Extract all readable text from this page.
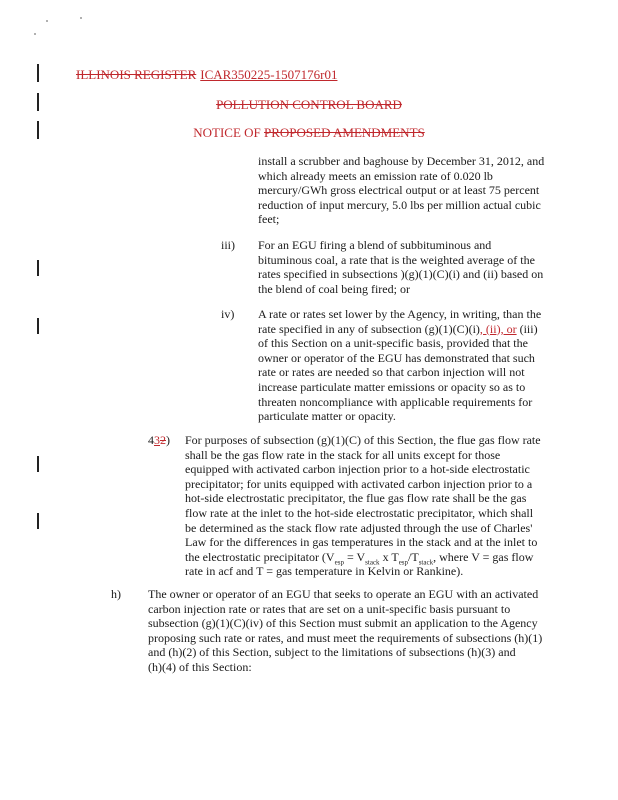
ILLINOIS REGISTER ICAR350225-1507176r01
POLLUTION CONTROL BOARD
NOTICE OF PROPOSED AMENDMENTS
install a scrubber and baghouse by December 31, 2012, and
which already meets an emission rate of 0.020 lb
mercury/GWh gross electrical output or at least 75 percent
reduction of input mercury, 5.0 lbs per million actual cubic
feet;
iii) For an EGU firing a blend of subbituminous and
bituminous coal, a rate that is the weighted average of the
rates specified in subsections )(g)(1)(C)(i) and (ii) based on
the blend of coal being fired; or
iv) A rate or rates set lower by the Agency, in writing, than the
rate specified in any of subsection (g)(1)(C)(i), (ii), or (iii)
of this Section on a unit-specific basis, provided that the
owner or operator of the EGU has demonstrated that such
rate or rates are needed so that carbon injection will not
increase particulate matter emissions or opacity so as to
threaten noncompliance with applicable requirements for
particulate matter or opacity.
432) For purposes of subsection (g)(1)(C) of this Section, the flue gas flow rate
shall be the gas flow rate in the stack for all units except for those
equipped with activated carbon injection prior to a hot-side electrostatic
precipitator; for units equipped with activated carbon injection prior to a
hot-side electrostatic precipitator, the flue gas flow rate shall be the gas
flow rate at the inlet to the hot-side electrostatic precipitator, which shall
be determined as the stack flow rate adjusted through the use of Charles'
Law for the differences in gas temperatures in the stack and at the inlet to
the electrostatic precipitator ($V_{esp} = V_{stack}$ x $T_{esp}/T_{stack}$, where V = gas flow
rate in acf and T = gas temperature in Kelvin or Rankine).
h) The owner or operator of an EGU that seeks to operate an EGU with an activated
carbon injection rate or rates that are set on a unit-specific basis pursuant to
subsection (g)(1)(C)(iv) of this Section must submit an application to the Agency
proposing such rate or rates, and must meet the requirements of subsections (h)(1)
and (h)(2) of this Section, subject to the limitations of subsections (h)(3) and
(h)(4) of this Section:
